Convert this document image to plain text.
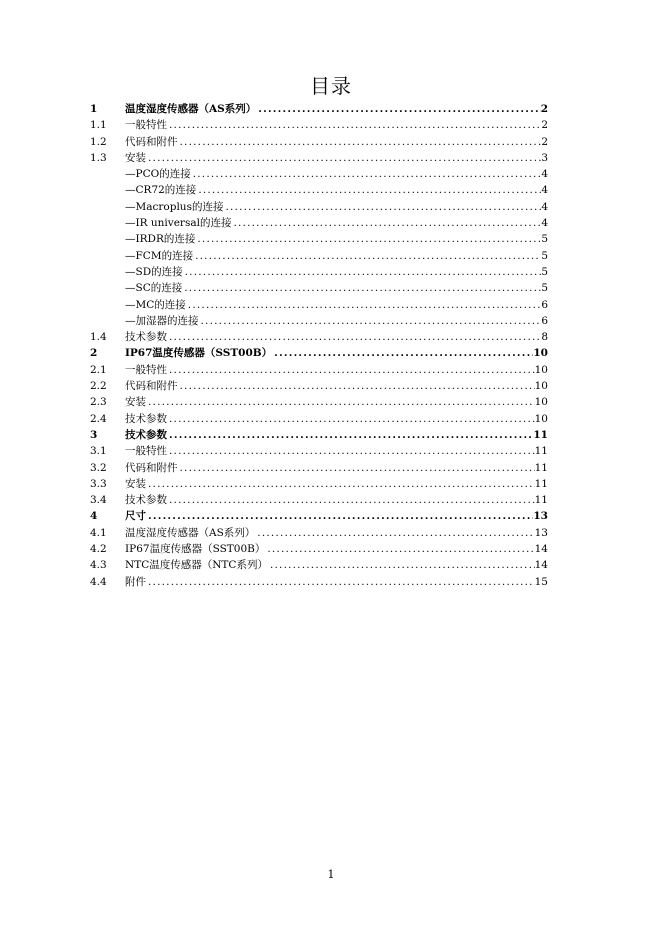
目录
1	温度湿度传感器（AS系列） .....	2
1.1	一般特性 .....	2
1.2	代码和附件 .....	2
1.3	安装 .....	3
—PCO的连接 .....	4
—CR72的连接 .....	4
—Macroplus的连接 .....	4
—IR universal的连接 .....	4
—IRDR的连接 .....	5
—FCM的连接 .....	5
—SD的连接 .....	5
—SC的连接 .....	5
—MC的连接 .....	6
—加湿器的连接 .....	6
1.4	技术参数 .....	8
2	IP67温度传感器（SST00B） .....	10
2.1	一般特性 .....	10
2.2	代码和附件 .....	10
2.3	安装 .....	10
2.4	技术参数 .....	10
3	技术参数 .....	11
3.1	一般特性 .....	11
3.2	代码和附件 .....	11
3.3	安装 .....	11
3.4	技术参数 .....	11
4	尺寸 .....	13
4.1	温度湿度传感器（AS系列） .....	13
4.2	IP67温度传感器（SST00B） .....	14
4.3	NTC温度传感器（NTC系列） .....	14
4.4	附件 .....	15
1
